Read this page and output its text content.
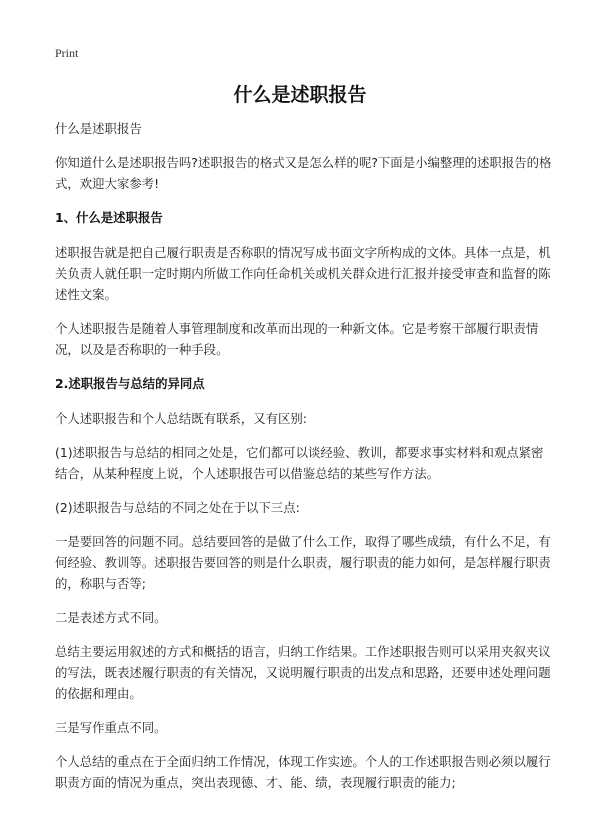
Print
什么是述职报告

什么是述职报告

你知道什么是述职报告吗?述职报告的格式又是怎么样的呢?下面是小编整理的述职报告的格式，欢迎大家参考!

1、什么是述职报告

述职报告就是把自己履行职责是否称职的情况写成书面文字所构成的文体。具体一点是，机关负责人就任职一定时期内所做工作向任命机关或机关群众进行汇报并接受审查和监督的陈述性文案。

个人述职报告是随着人事管理制度和改革而出现的一种新文体。它是考察干部履行职责情况，以及是否称职的一种手段。

2.述职报告与总结的异同点

个人述职报告和个人总结既有联系，又有区别:

(1)述职报告与总结的相同之处是，它们都可以谈经验、教训，都要求事实材料和观点紧密结合，从某种程度上说，个人述职报告可以借鉴总结的某些写作方法。

(2)述职报告与总结的不同之处在于以下三点:

一是要回答的问题不同。总结要回答的是做了什么工作，取得了哪些成绩，有什么不足，有何经验、教训等。述职报告要回答的则是什么职责，履行职责的能力如何，是怎样履行职责的，称职与否等;

二是表述方式不同。

总结主要运用叙述的方式和概括的语言，归纳工作结果。工作述职报告则可以采用夹叙夹议的写法，既表述履行职责的有关情况，又说明履行职责的出发点和思路，还要申述处理问题的依据和理由。

三是写作重点不同。

个人总结的重点在于全面归纳工作情况，体现工作实迹。个人的工作述职报告则必须以履行职责方面的情况为重点，突出表现德、才、能、绩，表现履行职责的能力;
